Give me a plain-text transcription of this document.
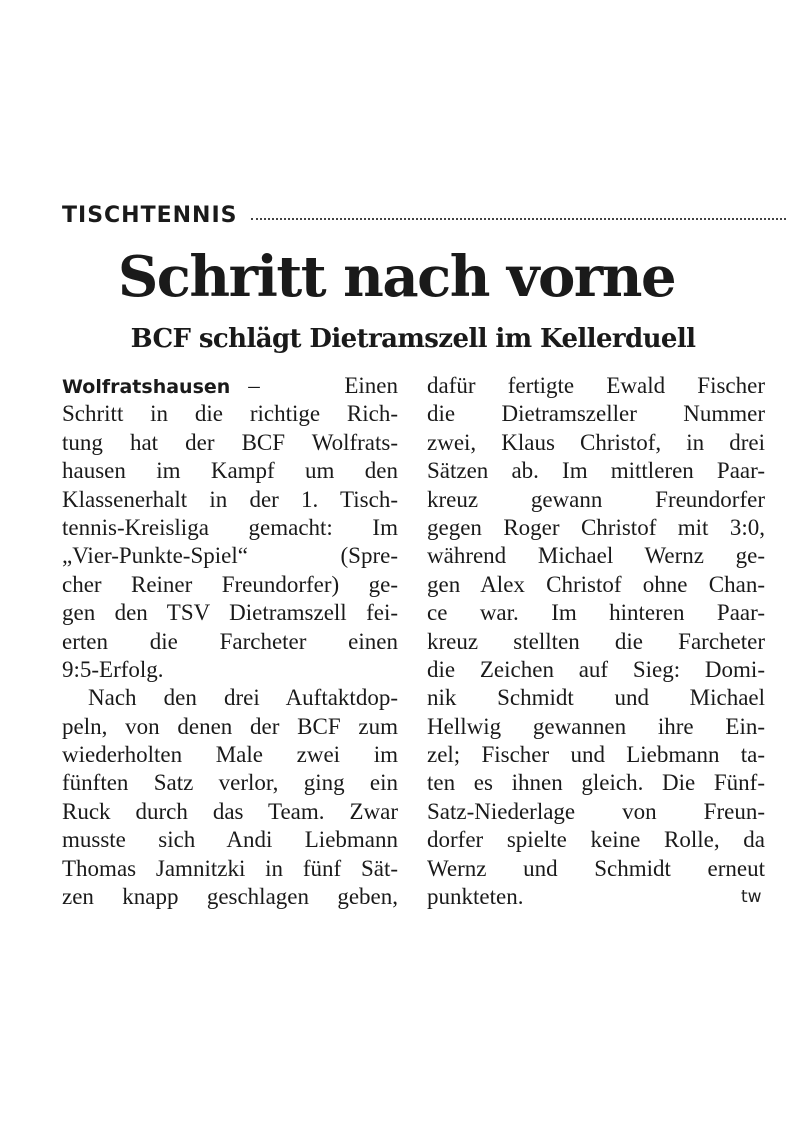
TISCHTENNIS
Schritt nach vorne
BCF schlägt Dietramszell im Kellerduell
Wolfratshausen – Einen
Schritt in die richtige Rich-
tung hat der BCF Wolfrats-
hausen im Kampf um den
Klassenerhalt in der 1. Tisch-
tennis-Kreisliga gemacht: Im
„Vier-Punkte-Spiel“ (Spre-
cher Reiner Freundorfer) ge-
gen den TSV Dietramszell fei-
erten die Farcheter einen
9:5-Erfolg.
Nach den drei Auftaktdop-
peln, von denen der BCF zum
wiederholten Male zwei im
fünften Satz verlor, ging ein
Ruck durch das Team. Zwar
musste sich Andi Liebmann
Thomas Jamnitzki in fünf Sät-
zen knapp geschlagen geben,
dafür fertigte Ewald Fischer
die Dietramszeller Nummer
zwei, Klaus Christof, in drei
Sätzen ab. Im mittleren Paar-
kreuz gewann Freundorfer
gegen Roger Christof mit 3:0,
während Michael Wernz ge-
gen Alex Christof ohne Chan-
ce war. Im hinteren Paar-
kreuz stellten die Farcheter
die Zeichen auf Sieg: Domi-
nik Schmidt und Michael
Hellwig gewannen ihre Ein-
zel; Fischer und Liebmann ta-
ten es ihnen gleich. Die Fünf-
Satz-Niederlage von Freun-
dorfer spielte keine Rolle, da
Wernz und Schmidt erneut
punkteten.	tw
